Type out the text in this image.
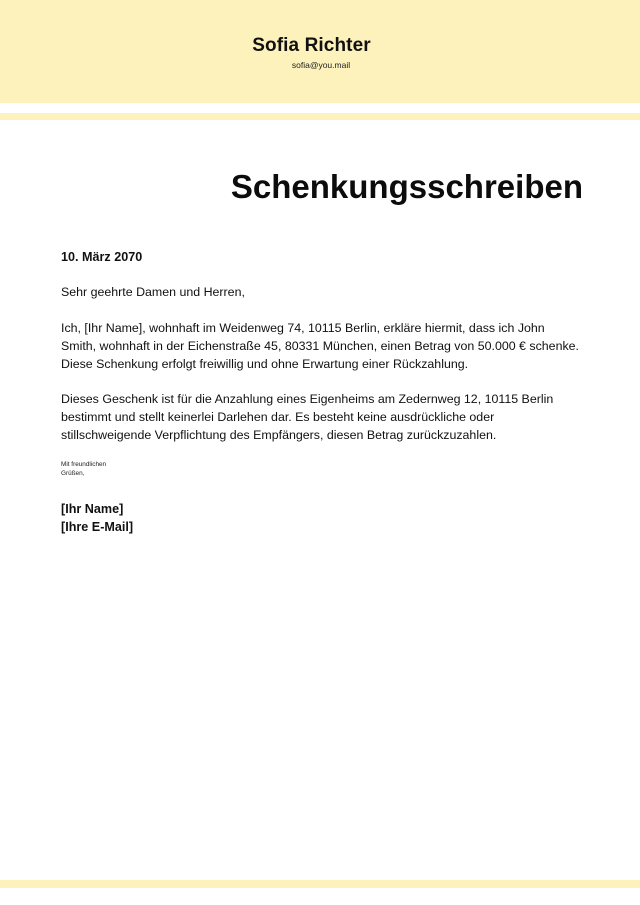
Sofia Richter
sofia@you.mail
Schenkungsschreiben
10. März 2070
Sehr geehrte Damen und Herren,
Ich, [Ihr Name], wohnhaft im Weidenweg 74, 10115 Berlin, erkläre hiermit, dass ich John Smith, wohnhaft in der Eichenstraße 45, 80331 München, einen Betrag von 50.000 € schenke. Diese Schenkung erfolgt freiwillig und ohne Erwartung einer Rückzahlung.
Dieses Geschenk ist für die Anzahlung eines Eigenheims am Zedernweg 12, 10115 Berlin bestimmt und stellt keinerlei Darlehen dar. Es besteht keine ausdrückliche oder stillschweigende Verpflichtung des Empfängers, diesen Betrag zurückzuzahlen.
Mit freundlichen
Grüßen,
[Ihr Name]
[Ihre E-Mail]
